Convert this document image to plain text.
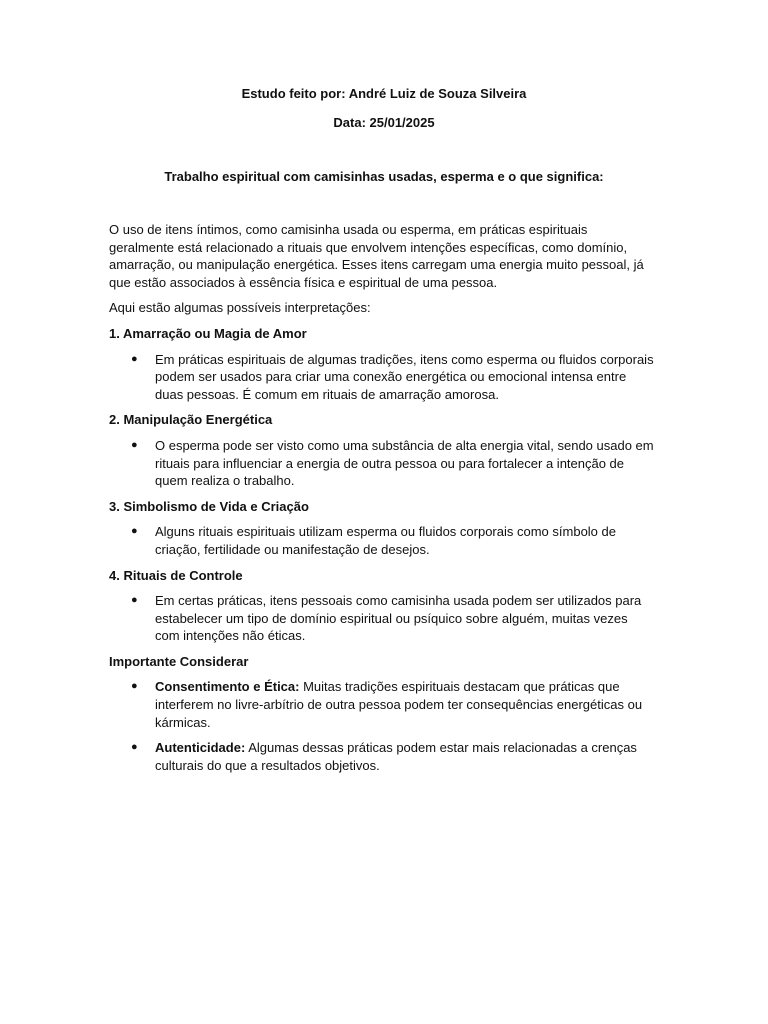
Estudo feito por: André Luiz de Souza Silveira

Data: 25/01/2025

Trabalho espiritual com camisinhas usadas, esperma e o que significa:

O uso de itens íntimos, como camisinha usada ou esperma, em práticas espirituais geralmente está relacionado a rituais que envolvem intenções específicas, como domínio, amarração, ou manipulação energética. Esses itens carregam uma energia muito pessoal, já que estão associados à essência física e espiritual de uma pessoa.

Aqui estão algumas possíveis interpretações:

1. Amarração ou Magia de Amor
● Em práticas espirituais de algumas tradições, itens como esperma ou fluidos corporais podem ser usados para criar uma conexão energética ou emocional intensa entre duas pessoas. É comum em rituais de amarração amorosa.
2. Manipulação Energética
● O esperma pode ser visto como uma substância de alta energia vital, sendo usado em rituais para influenciar a energia de outra pessoa ou para fortalecer a intenção de quem realiza o trabalho.
3. Simbolismo de Vida e Criação
● Alguns rituais espirituais utilizam esperma ou fluidos corporais como símbolo de criação, fertilidade ou manifestação de desejos.
4. Rituais de Controle
● Em certas práticas, itens pessoais como camisinha usada podem ser utilizados para estabelecer um tipo de domínio espiritual ou psíquico sobre alguém, muitas vezes com intenções não éticas.
Importante Considerar
● Consentimento e Ética: Muitas tradições espirituais destacam que práticas que interferem no livre-arbítrio de outra pessoa podem ter consequências energéticas ou kármicas.
● Autenticidade: Algumas dessas práticas podem estar mais relacionadas a crenças culturais do que a resultados objetivos.
